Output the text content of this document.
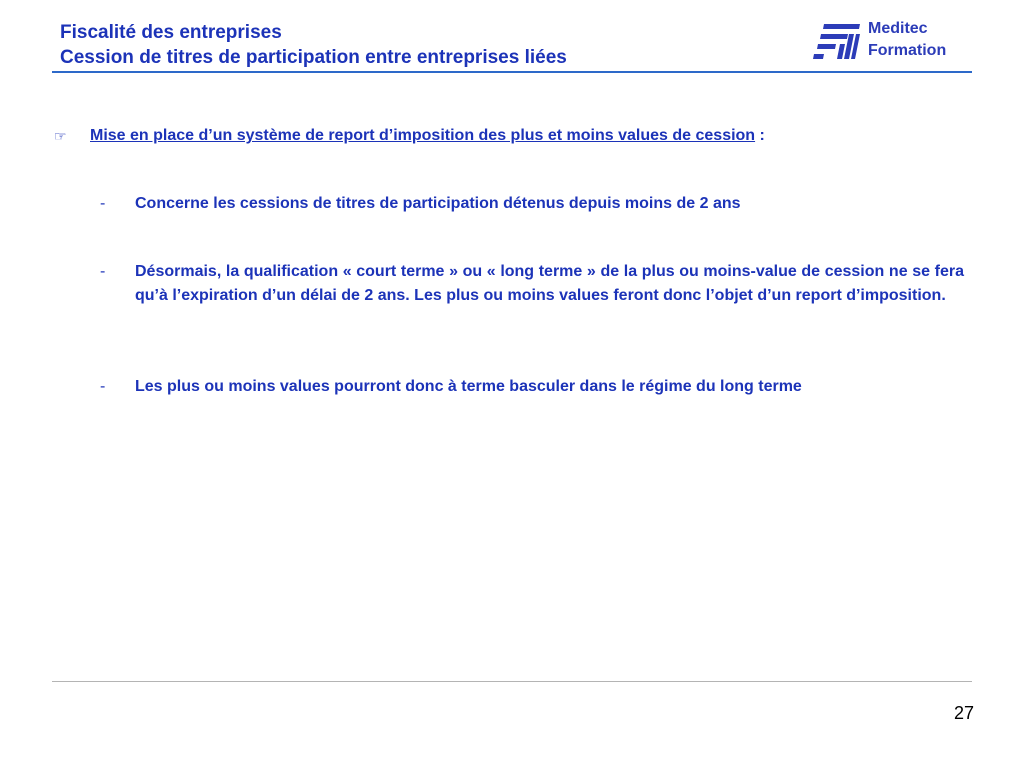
Fiscalité des entreprises
Cession de titres de participation entre entreprises liées
Meditec
Formation
☞ Mise en place d’un système de report d’imposition des plus et moins values de cession :
- Concerne les cessions de titres de participation détenus depuis moins de 2 ans
- Désormais, la qualification « court terme » ou « long terme » de la plus ou moins-value de cession ne se fera qu’à l’expiration d’un délai de 2 ans. Les plus ou moins values feront donc l’objet d’un report d’imposition.
- Les plus ou moins values pourront donc à terme basculer dans le régime du long terme
27
